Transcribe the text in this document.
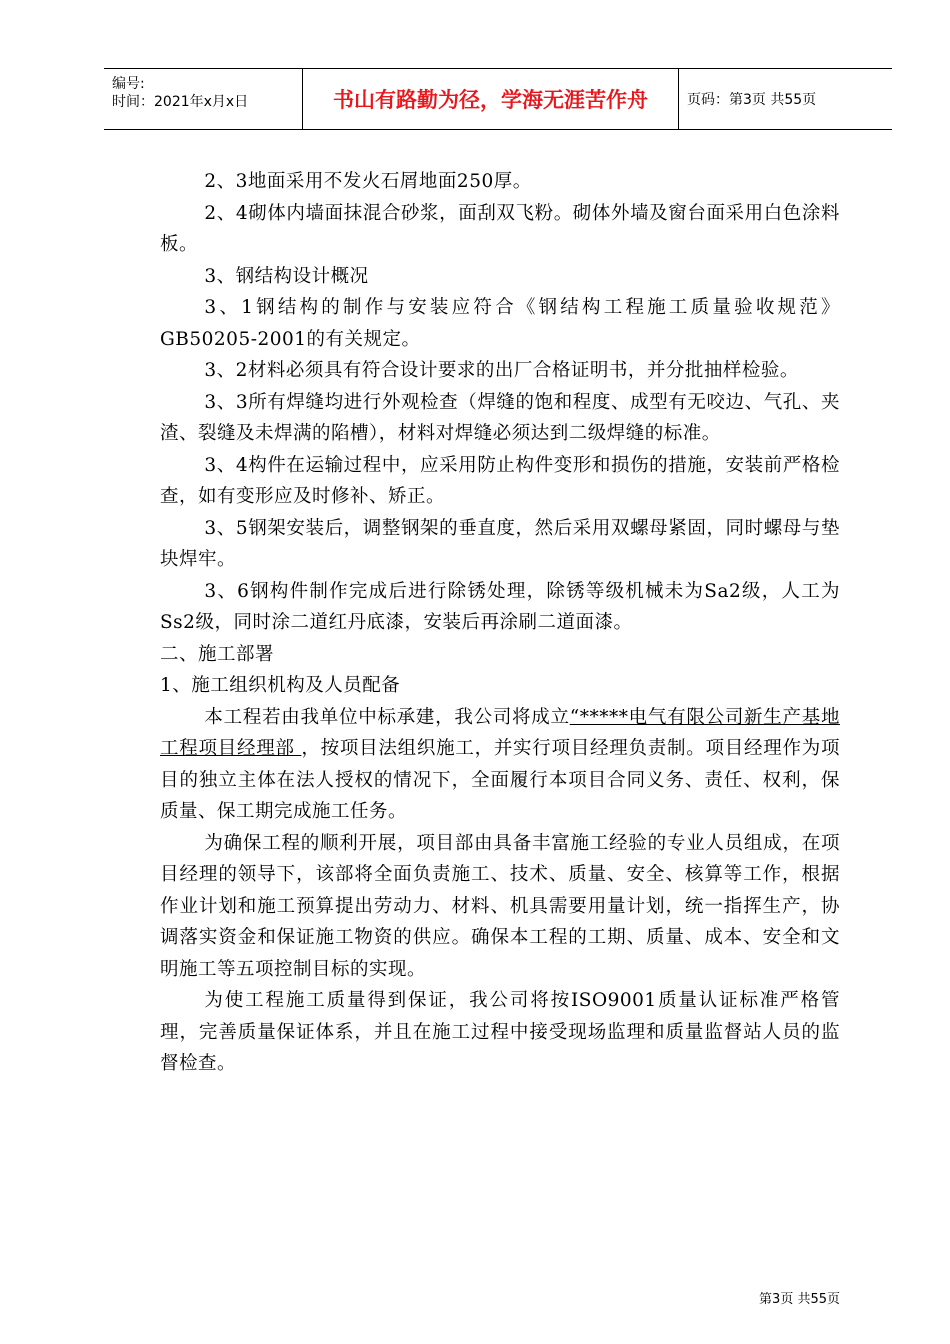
编号:
时间：2021年x月x日	书山有路勤为径，学海无涯苦作舟	页码：第3页 共55页

2、3地面采用不发火石屑地面250厚。

2、4砌体内墙面抹混合砂浆，面刮双飞粉。砌体外墙及窗台面采用白色涂料板。

3、钢结构设计概况

3、1钢结构的制作与安装应符合《钢结构工程施工质量验收规范》GB50205-2001的有关规定。

3、2材料必须具有符合设计要求的出厂合格证明书，并分批抽样检验。

3、3所有焊缝均进行外观检查（焊缝的饱和程度、成型有无咬边、气孔、夹渣、裂缝及未焊满的陷槽），材料对焊缝必须达到二级焊缝的标准。

3、4构件在运输过程中，应采用防止构件变形和损伤的措施，安装前严格检查，如有变形应及时修补、矫正。

3、5钢架安装后，调整钢架的垂直度，然后采用双螺母紧固，同时螺母与垫块焊牢。

3、6钢构件制作完成后进行除锈处理，除锈等级机械未为Sa2级，人工为Ss2级，同时涂二道红丹底漆，安装后再涂刷二道面漆。

二、施工部署

1、施工组织机构及人员配备

本工程若由我单位中标承建，我公司将成立“*****电气有限公司新生产基地工程项目经理部 ，按项目法组织施工，并实行项目经理负责制。项目经理作为项目的独立主体在法人授权的情况下，全面履行本项目合同义务、责任、权利，保质量、保工期完成施工任务。

为确保工程的顺利开展，项目部由具备丰富施工经验的专业人员组成，在项目经理的领导下，该部将全面负责施工、技术、质量、安全、核算等工作，根据作业计划和施工预算提出劳动力、材料、机具需要用量计划，统一指挥生产，协调落实资金和保证施工物资的供应。确保本工程的工期、质量、成本、安全和文明施工等五项控制目标的实现。

为使工程施工质量得到保证，我公司将按ISO9001质量认证标准严格管理，完善质量保证体系，并且在施工过程中接受现场监理和质量监督站人员的监督检查。

第3页 共55页
